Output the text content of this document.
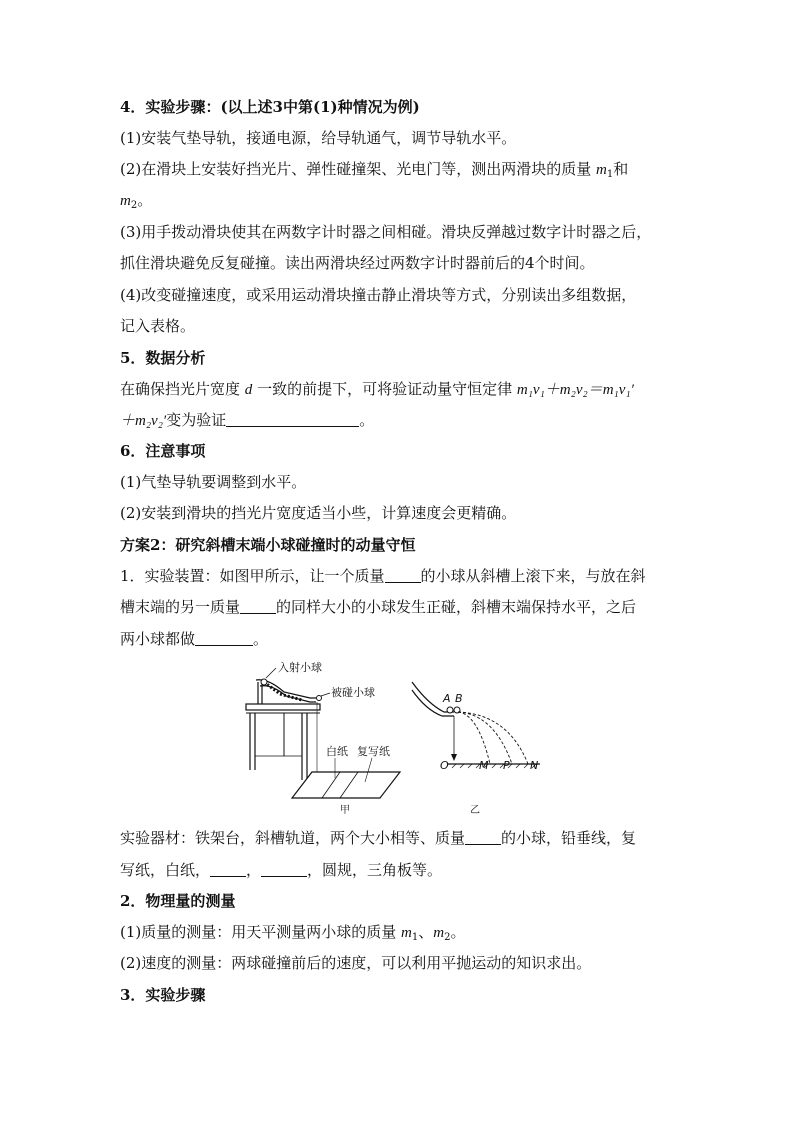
4．实验步骤：(以上述3中第(1)种情况为例)
(1)安装气垫导轨，接通电源，给导轨通气，调节导轨水平。
(2)在滑块上安装好挡光片、弹性碰撞架、光电门等，测出两滑块的质量 $m_1$和
$m_2$。
(3)用手拨动滑块使其在两数字计时器之间相碰。滑块反弹越过数字计时器之后，
抓住滑块避免反复碰撞。读出两滑块经过两数字计时器前后的4个时间。
(4)改变碰撞速度，或采用运动滑块撞击静止滑块等方式，分别读出多组数据，
记入表格。
5．数据分析
在确保挡光片宽度 d 一致的前提下，可将验证动量守恒定律 m₁v₁＋m₂v₂＝m₁v₁′
＋m₂v₂′变为验证	。
6．注意事项
(1)气垫导轨要调整到水平。
(2)安装到滑块的挡光片宽度适当小些，计算速度会更精确。
方案2：研究斜槽末端小球碰撞时的动量守恒
1．实验装置：如图甲所示，让一个质量 的小球从斜槽上滚下来，与放在斜
槽末端的另一质量 的同样大小的小球发生正碰，斜槽末端保持水平，之后
两小球都做	。
入射小球
被碰小球
白纸 复写纸
甲
A B
O	M P N
乙
实验器材：铁架台，斜槽轨道，两个大小相等、质量 的小球，铅垂线，复
写纸，白纸， ，	，圆规，三角板等。
2．物理量的测量
(1)质量的测量：用天平测量两小球的质量 $m_1$、$m_2$。
(2)速度的测量：两球碰撞前后的速度，可以利用平抛运动的知识求出。
3．实验步骤
